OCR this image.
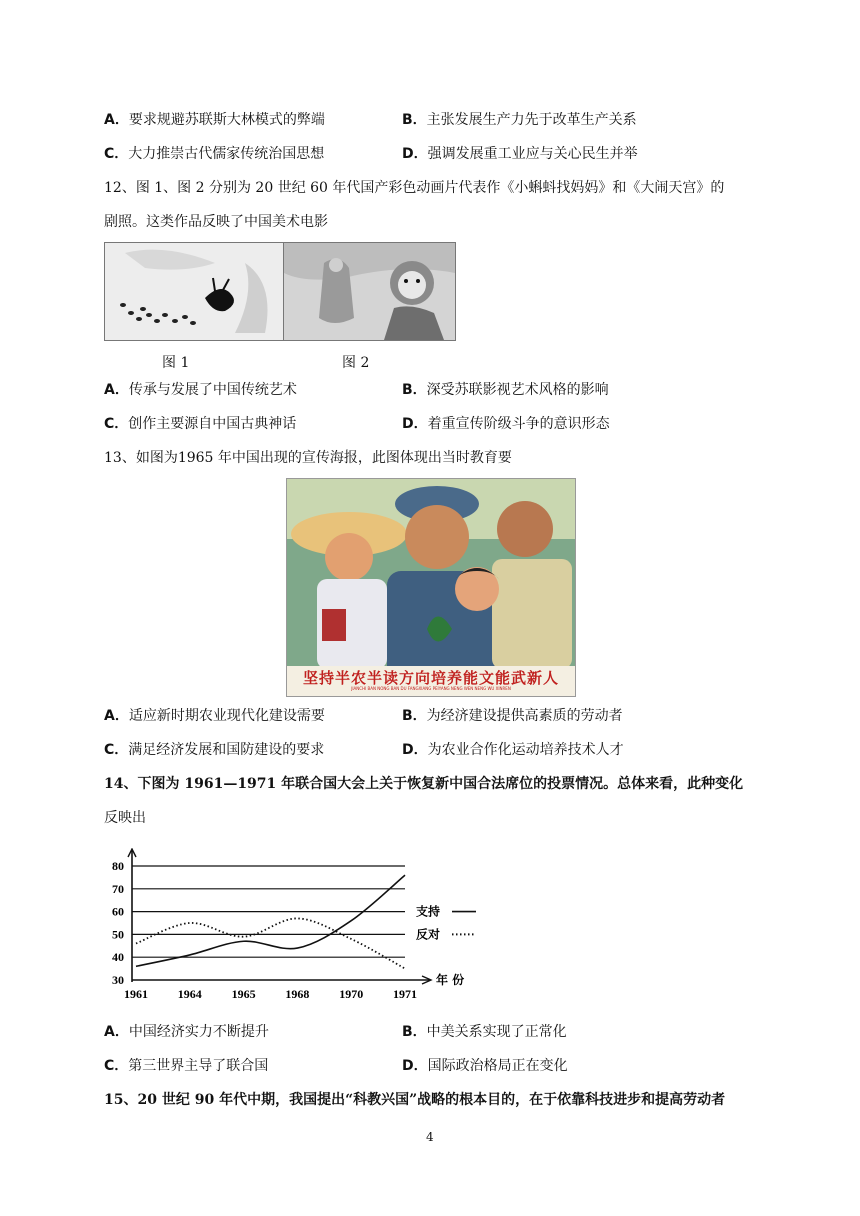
A．要求规避苏联斯大林模式的弊端	B．主张发展生产力先于改革生产关系
C．大力推崇古代儒家传统治国思想	D．强调发展重工业应与关心民生并举
12、图 1、图 2 分别为 20 世纪 60 年代国产彩色动画片代表作《小蝌蚪找妈妈》和《大闹天宫》的
剧照。这类作品反映了中国美术电影
图 1	图 2
A．传承与发展了中国传统艺术	B．深受苏联影视艺术风格的影响
C．创作主要源自中国古典神话	D．着重宣传阶级斗争的意识形态
13、如图为1965 年中国出现的宣传海报，此图体现出当时教育要
坚持半农半读方向培养能文能武新人
JIANCHI BAN NONG BAN DU FANGXIANG PEIYANG NENG WEN NENG WU XINREN
A．适应新时期农业现代化建设需要	B．为经济建设提供高素质的劳动者
C．满足经济发展和国防建设的要求	D．为农业合作化运动培养技术人才
14、下图为 1961—1971 年联合国大会上关于恢复新中国合法席位的投票情况。总体来看，此种变化
反映出
30
40
50
60
70
80
1961 1964 1965 1968 1970 1971
年 份
支持
反对
A．中国经济实力不断提升	B．中美关系实现了正常化
C．第三世界主导了联合国	D．国际政治格局正在变化
15、20 世纪 90 年代中期，我国提出“科教兴国”战略的根本目的，在于依靠科技进步和提高劳动者
4
